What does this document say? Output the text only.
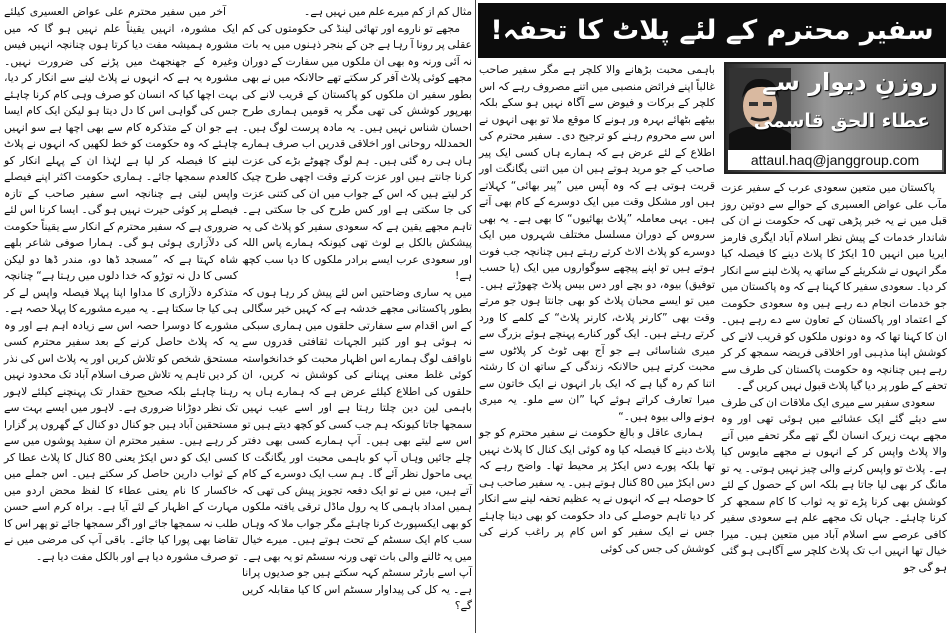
سفیر محترم کے لئے پلاٹ کا تحفہ!
روزنِ دیوار سے
عطاء الحق قاسمی
attaul.haq@janggroup.com

پاکستان میں متعین سعودی عرب کے سفیر عزت مآب علی عواض العسیری کے حوالے سے دوتین روز قبل میں نے یہ خبر پڑھی تھی کہ حکومت نے ان کی شاندار خدمات کے پیش نظر اسلام آباد ایگری فارمز ایریا میں انہیں 10 ایکڑ کا پلاٹ دینے کا فیصلہ کیا مگر انہوں نے شکریئے کے ساتھ یہ پلاٹ لینے سے انکار کر دیا۔ سعودی سفیر کا کہنا ہے کہ وہ پاکستان میں جو خدمات انجام دے رہے ہیں وہ سعودی حکومت کے اعتماد اور پاکستان کے تعاون سے دے رہے ہیں۔ ان کا کہنا تھا کہ وہ دونوں ملکوں کو قریب لانے کی کوشش اپنا مذہبی اور اخلاقی فریضہ سمجھ کر کر رہے ہیں چنانچہ وہ حکومت پاکستان کی طرف سے تحفے کے طور پر دیا گیا پلاٹ قبول نہیں کریں گے۔

سعودی سفیر سے میری ایک ملاقات ان کی طرف سے دیئے گئے ایک عشائیے میں ہوئی تھی اور وہ مجھے بہت زیرک انسان لگے تھے مگر تحفے میں آنے والا پلاٹ واپس کر کے انہوں نے مجھے مایوس کیا ہے۔ پلاٹ تو واپس کرنے والی چیز نہیں ہوتی۔ یہ تو مانگ کر بھی لیا جاتا ہے بلکہ اس کے حصول کے لئے کوشش بھی کرنا پڑے تو یہ ثواب کا کام سمجھ کر کرنا چاہئے۔ جہاں تک مجھے علم ہے سعودی سفیر کافی عرصے سے اسلام آباد میں متعین ہیں۔ میرا خیال تھا انہیں اب تک پلاٹ کلچر سے آگاہی ہو گئی ہو گی جو

باہمی محبت بڑھانے والا کلچر ہے مگر سفیر صاحب غالباً اپنے فرائض منصبی میں اتنے مصروف رہے کہ اس کلچر کے برکات و فیوض سے آگاہ نہیں ہو سکے بلکہ بیٹھے بٹھائے بہرہ ور ہونے کا موقع ملا تو بھی انہوں نے اس سے محروم رہنے کو ترجیح دی۔ سفیر محترم کی اطلاع کے لئے عرض ہے کہ ہمارے ہاں کسی ایک پیر صاحب کے جو مرید ہوتے ہیں ان میں اتنی یگانگت اور قربت ہوتی ہے کہ وہ آپس میں ”پیر بھائی“ کہلاتے ہیں اور مشکل وقت میں ایک دوسرے کے کام بھی آتے ہیں۔ یہی معاملہ ”پلاٹ بھائیوں“ کا بھی ہے۔ یہ بھی سروس کے دوران مسلسل مختلف شہروں میں ایک دوسرے کو پلاٹ الاٹ کرتے رہتے ہیں چنانچہ جب فوت ہوتے ہیں تو اپنے پیچھے سوگواروں میں ایک (یا حسب توفیق) بیوہ، دو بچے اور دس بیس پلاٹ چھوڑتے ہیں۔ میں تو ایسے محبان پلاٹ کو بھی جانتا ہوں جو مرتے وقت بھی ”کارنر پلاٹ، کارنر پلاٹ“ کے کلمے کا ورد کرتے رہتے ہیں۔ ایک گور کنارے پہنچے ہوئے بزرگ سے میری شناسائی ہے جو آج بھی ٹوٹ کر پلاٹوں سے محبت کرتے ہیں حالانکہ زندگی کے ساتھ ان کا رشتہ اتنا کم رہ گیا ہے کہ ایک بار انہوں نے ایک خاتون سے میرا تعارف کراتے ہوئے کہا ”ان سے ملو۔ یہ میری ہونے والی بیوہ ہیں۔“

ہماری عاقل و بالغ حکومت نے سفیر محترم کو جو پلاٹ دینے کا فیصلہ کیا وہ کوئی ایک کنال کا پلاٹ نہیں تھا بلکہ پورے دس ایکڑ پر محیط تھا۔ واضح رہے کہ دس ایکڑ میں 80 کنال ہوتے ہیں۔ یہ سفیر صاحب ہی کا حوصلہ ہے کہ انہوں نے یہ عظیم تحفہ لینے سے انکار کر دیا تاہم حوصلے کی داد حکومت کو بھی دینا چاہئے جس نے ایک سفیر کو اس کام پر راغب کرنے کی کوشش کی جس کی کوئی

مثال کم از کم میرے علم میں نہیں ہے۔

مجھے تو ناروے اور تھائی لینڈ کی حکومتوں کی کم عقلی پر رونا آ رہا ہے جن کے بنجر ذہنوں میں یہ بات نہ آئی ورنہ وہ بھی ان ملکوں میں سفارت کے دوران مجھے کوئی پلاٹ آفر کر سکتے تھے حالانکہ میں نے بھی بطور سفیر ان ملکوں کو پاکستان کے قریب لانے کی بھرپور کوشش کی تھی مگر یہ قومیں ہماری طرح احسان شناس نہیں ہیں۔ یہ مادہ پرست لوگ ہیں۔ الحمدللہ روحانی اور اخلاقی قدریں اب صرف ہمارے ہاں ہی رہ گئی ہیں۔ ہم لوگ چھوٹے بڑے کی عزت کرنا جانتے ہیں اور عزت کرتے وقت اچھی طرح چیک کر لیتے ہیں کہ اس کے جواب میں ان کی کتنی عزت کی جا سکتی ہے اور کس طرح کی جا سکتی ہے۔ تاہم مجھے یقین ہے کہ سعودی سفیر کو پلاٹ کی یہ پیشکش بالکل بے لوث تھی کیونکہ ہمارے پاس اللہ اور سعودی عرب ایسے برادر ملکوں کا دیا سب کچھ ہے!

میں یہ ساری وضاحتیں اس لئے پیش کر رہا ہوں کہ بطور پاکستانی مجھے خدشہ ہے کہ کہیں خیر سگالی کے اس اقدام سے سفارتی حلقوں میں ہماری سبکی نہ ہوئی ہو اور کثیر الجہات ثقافتی قدروں سے ناواقف لوگ ہمارے اس اظہار محبت کو خدانخواستہ کوئی غلط معنی پہنانے کی کوشش نہ کریں، ان حلقوں کی اطلاع کیلئے عرض ہے کہ ہمارے ہاں یہ باہمی لین دین چلتا رہتا ہے اور اسے عیب نہیں سمجھا جاتا کیونکہ ہم جب کسی کو کچھ دیتے ہیں تو اس سے لیتے بھی ہیں۔ آپ ہمارے کسی بھی دفتر چلے جائیں وہاں آپ کو باہمی محبت اور یگانگت کا یہی ماحول نظر آئے گا۔ ہم سب ایک دوسرے کے کام آتے ہیں، میں نے تو ایک دفعہ تجویز پیش کی تھی کہ ہمیں امداد باہمی کا یہ رول ماڈل ترقی یافتہ ملکوں کو بھی ایکسپورٹ کرنا چاہئے مگر جواب ملا کہ وہاں سب کام ایک سسٹم کے تحت ہوتے ہیں۔ میرے خیال میں یہ ٹالنے والی بات تھی ورنہ سسٹم تو یہ بھی ہے۔ آپ اسے بارٹر سسٹم کہہ سکتے ہیں جو صدیوں پرانا ہے۔ یہ کل کی پیداوار سسٹم اس کا کیا مقابلہ کریں گے؟

آخر میں سفیر محترم علی عواض العسیری کیلئے ایک مشورہ، انہیں یقیناً علم نہیں ہو گا کہ میں مشورہ ہمیشہ مفت دیا کرتا ہوں چنانچہ انہیں فیس وغیرہ کے جھنجھٹ میں پڑنے کی ضرورت نہیں۔ مشورہ یہ ہے کہ انہوں نے پلاٹ لینے سے انکار کر دیا، بہت اچھا کیا کہ انسان کو صرف وہی کام کرنا چاہئے جس کی گواہی اس کا دل دیتا ہو لیکن ایک کام ایسا ہے جو ان کے متذکرہ کام سے بھی اچھا ہے سو انہیں چاہئے کہ وہ حکومت کو خط لکھیں کہ انہوں نے پلاٹ لینے کا فیصلہ کر لیا ہے لہٰذا ان کے پہلے انکار کو کالعدم سمجھا جائے۔ ہماری حکومت اکثر اپنے فیصلے واپس لیتی ہے چنانچہ اسے سفیر صاحب کے تازہ فیصلے پر کوئی حیرت نہیں ہو گی۔ ایسا کرنا اس لئے ضروری ہے کہ سفیر محترم کے انکار سے یقیناً حکومت کی دلآزاری ہوئی ہو گی۔ ہمارا صوفی شاعر بلھے شاہ کہتا ہے کہ ”مسجد ڈھا دو، مندر ڈھا دو لیکن کسی کا دل نہ توڑو کہ خدا دلوں میں رہتا ہے“ چنانچہ متذکرہ دلآزاری کا مداوا اپنا پہلا فیصلہ واپس لے کر ہی کیا جا سکتا ہے۔ یہ میرے مشورے کا پہلا حصہ ہے۔ مشورے کا دوسرا حصہ اس سے زیادہ اہم ہے اور وہ یہ کہ پلاٹ حاصل کرنے کے بعد سفیر محترم کسی مستحق شخص کو تلاش کریں اور یہ پلاٹ اس کی نذر کر دیں تاہم یہ تلاش صرف اسلام آباد تک محدود نہیں رہنا چاہئے بلکہ صحیح حقدار تک پہنچنے کیلئے لاہور تک نظر دوڑانا ضروری ہے۔ لاہور میں ایسے بہت سے مستحقین آباد ہیں جو کنال دو کنال کے گھروں پر گزارا کر رہے ہیں۔ سفیر محترم ان سفید پوشوں میں سے کسی ایک کو دس ایکڑ یعنی 80 کنال کا پلاٹ عطا کر کے ثواب دارین حاصل کر سکتے ہیں۔ اس جملے میں خاکسار کا نام یعنی عطاء کا لفظ محض اردو میں مہارت کے اظہار کے لئے آیا ہے۔ براہ کرم اسے حسن طلب نہ سمجھا جائے اور اگر سمجھا جائے تو پھر اس کا تقاضا بھی پورا کیا جائے۔ باقی آپ کی مرضی میں نے تو صرف مشورہ دیا ہے اور بالکل مفت دیا ہے۔
